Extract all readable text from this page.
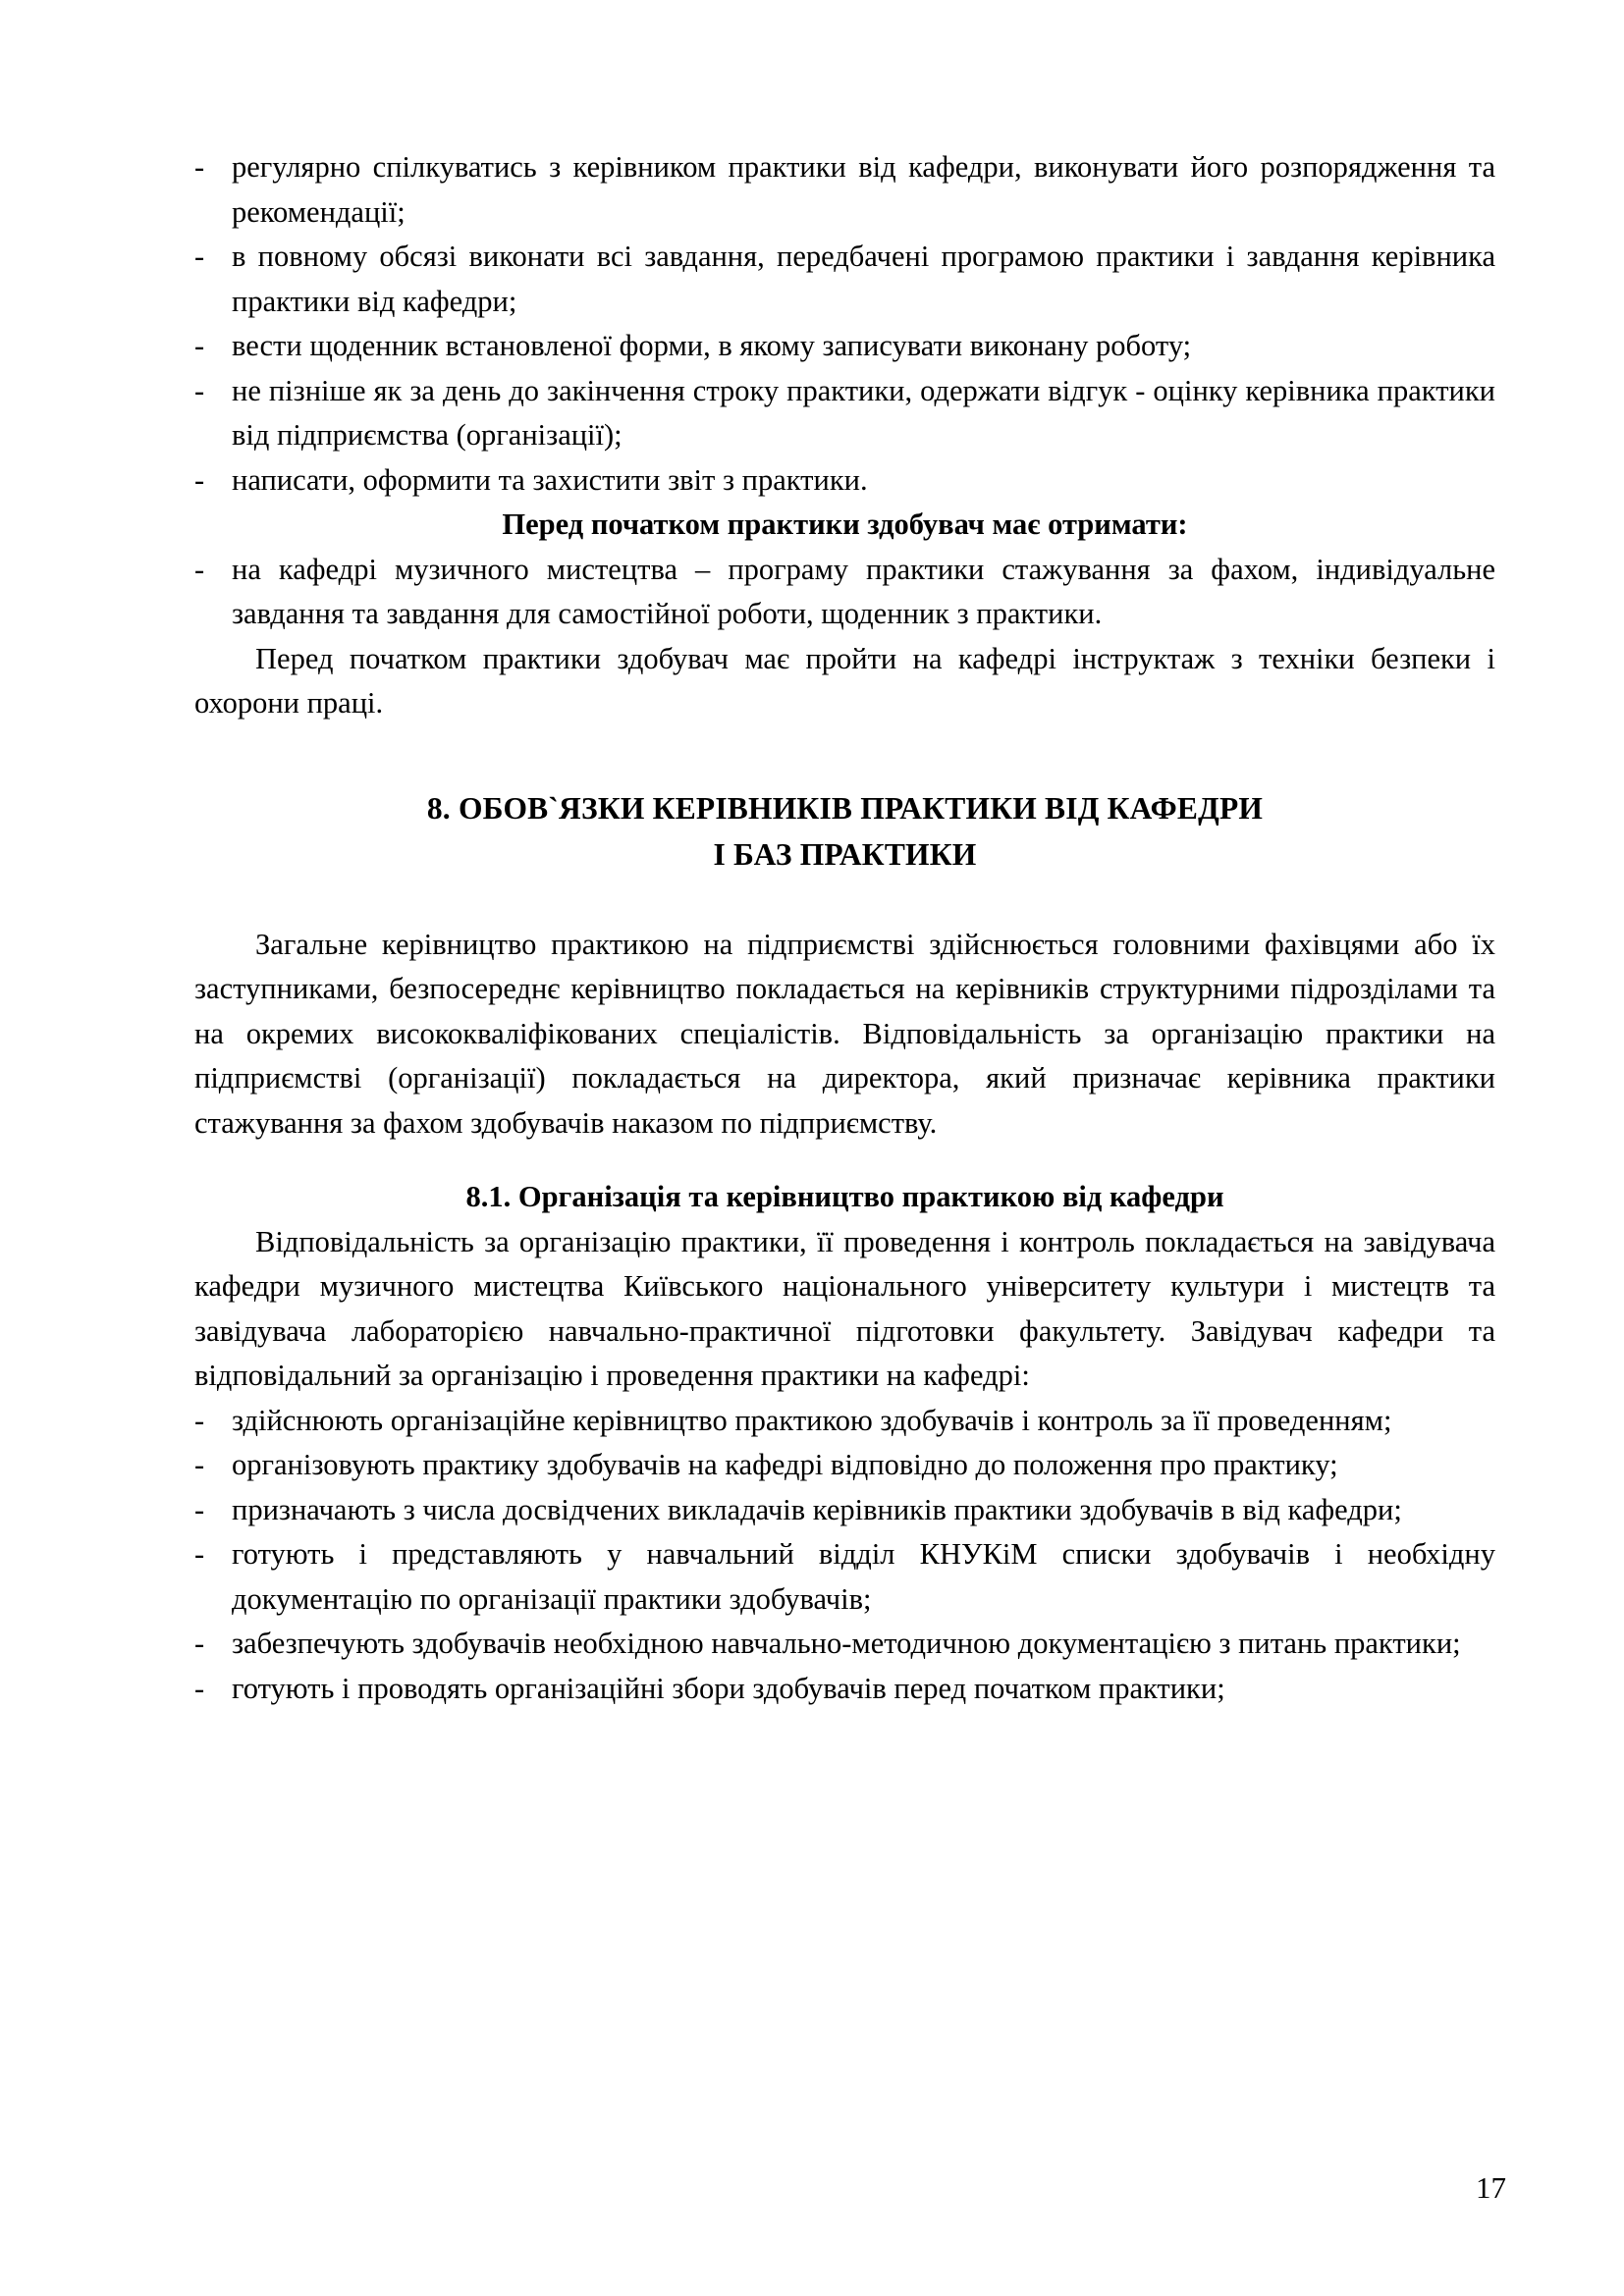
- регулярно спілкуватись з керівником практики від кафедри, виконувати його розпорядження та рекомендації;
- в повному обсязі виконати всі завдання, передбачені програмою практики і завдання керівника практики від кафедри;
- вести щоденник встановленої форми, в якому записувати виконану роботу;
- не пізніше як за день до закінчення строку практики, одержати відгук - оцінку керівника практики від підприємства (організації);
- написати, оформити та захистити звіт з практики.

Перед початком практики здобувач має отримати:

- на кафедрі музичного мистецтва – програму практики стажування за фахом, індивідуальне завдання та завдання для самостійної роботи, щоденник з практики.

Перед початком практики здобувач має пройти на кафедрі інструктаж з техніки безпеки і охорони праці.

8. ОБОВ`ЯЗКИ КЕРІВНИКІВ ПРАКТИКИ ВІД КАФЕДРИ

І БАЗ ПРАКТИКИ

Загальне керівництво практикою на підприємстві здійснюється головними фахівцями або їх заступниками, безпосереднє керівництво покладається на керівників структурними підрозділами та на окремих висококваліфікованих спеціалістів. Відповідальність за організацію практики на підприємстві (організації) покладається на директора, який призначає керівника практики стажування за фахом здобувачів наказом по підприємству.

8.1. Організація та керівництво практикою від кафедри

Відповідальність за організацію практики, її проведення і контроль покладається на завідувача кафедри музичного мистецтва Київського національного університету культури і мистецтв та завідувача лабораторією навчально-практичної підготовки факультету. Завідувач кафедри та відповідальний за організацію і проведення практики на кафедрі:

- здійснюють організаційне керівництво практикою здобувачів і контроль за її проведенням;
- організовують практику здобувачів на кафедрі відповідно до положення про практику;
- призначають з числа досвідчених викладачів керівників практики здобувачів в від кафедри;
- готують і представляють у навчальний відділ КНУКіМ списки здобувачів і необхідну документацію по організації практики здобувачів;
- забезпечують здобувачів необхідною навчально-методичною документацією з питань практики;
- готують і проводять організаційні збори здобувачів перед початком практики;
17
